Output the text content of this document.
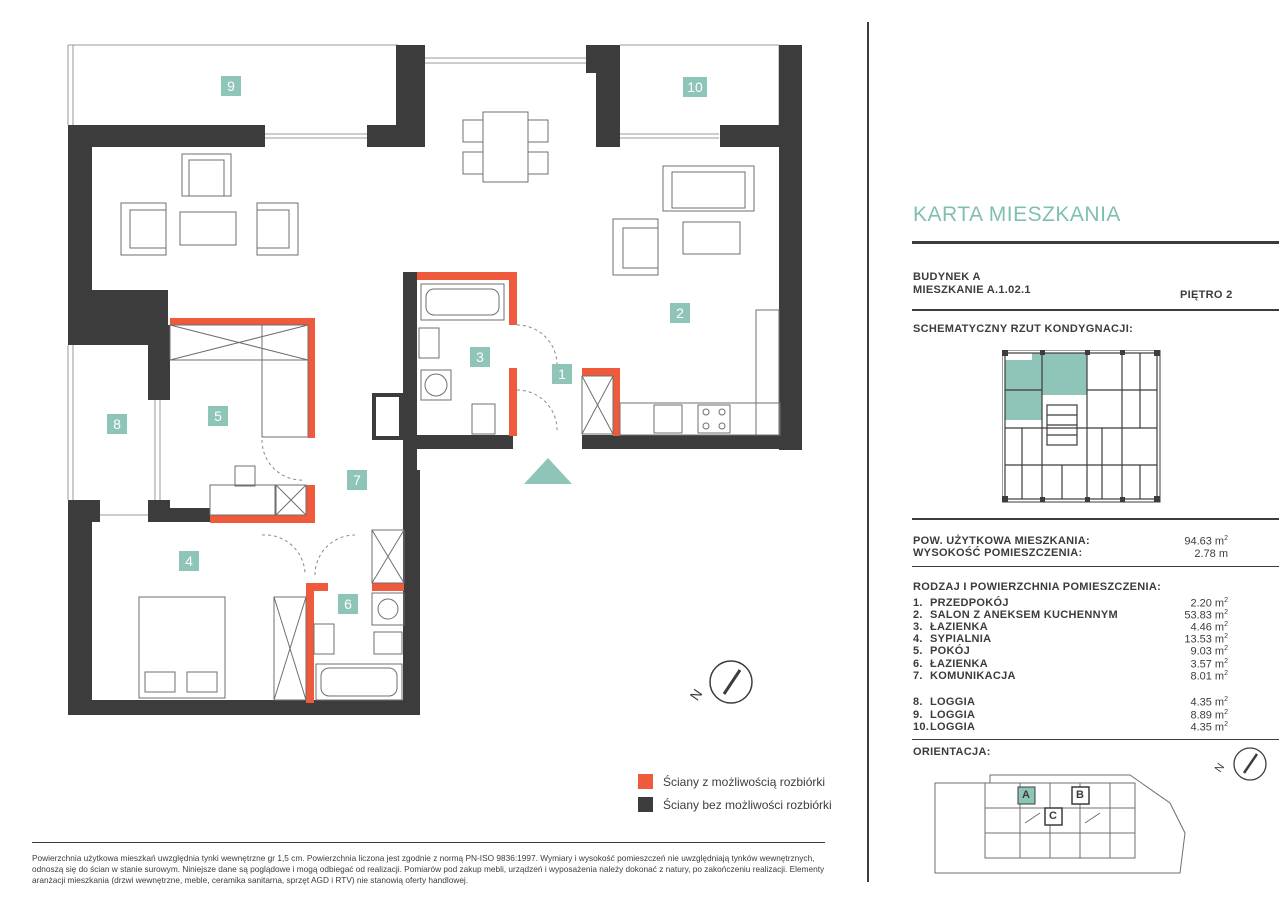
N
1
2
3
4
5
6
7
8
9	10
Ściany z możliwością rozbiórki
Ściany bez możliwości rozbiórki
Powierzchnia użytkowa mieszkań uwzględnia tynki wewnętrzne gr 1,5 cm. Powierzchnia liczona jest zgodnie z normą PN-ISO 9836:1997. Wymiary i wysokość pomieszczeń nie uwzględniają tynków wewnętrznych, odnoszą się do ścian w stanie surowym. Niniejsze dane są poglądowe i mogą odbiegać od realizacji. Pomiarów pod zakup mebli, urządzeń i wyposażenia należy dokonać z natury, po zakończeniu realizacji. Elementy aranżacji mieszkania (drzwi wewnętrzne, meble, ceramika sanitarna, sprzęt AGD i RTV) nie stanowią oferty handlowej.
KARTA MIESZKANIA
BUDYNEK A
MIESZKANIE A.1.02.1	PIĘTRO 2
SCHEMATYCZNY RZUT KONDYGNACJI:
POW. UŻYTKOWA MIESZKANIA:	94.63 $m^2$
WYSOKOŚĆ POMIESZCZENIA:	2.78 m
RODZAJ I POWIERZCHNIA POMIESZCZENIA:
1. PRZEDPOKÓJ	2.20 $m^2$
2. SALON Z ANEKSEM KUCHENNYM	53.83 $m^2$
3. ŁAZIENKA	4.46 $m^2$
4. SYPIALNIA	13.53 $m^2$
5. POKÓJ	9.03 $m^2$
6. ŁAZIENKA	3.57 $m^2$
7. KOMUNIKACJA	8.01 $m^2$
8. LOGGIA	4.35 $m^2$
9. LOGGIA	8.89 $m^2$
10. LOGGIA	4.35 $m^2$
ORIENTACJA:
N
A	B
C
